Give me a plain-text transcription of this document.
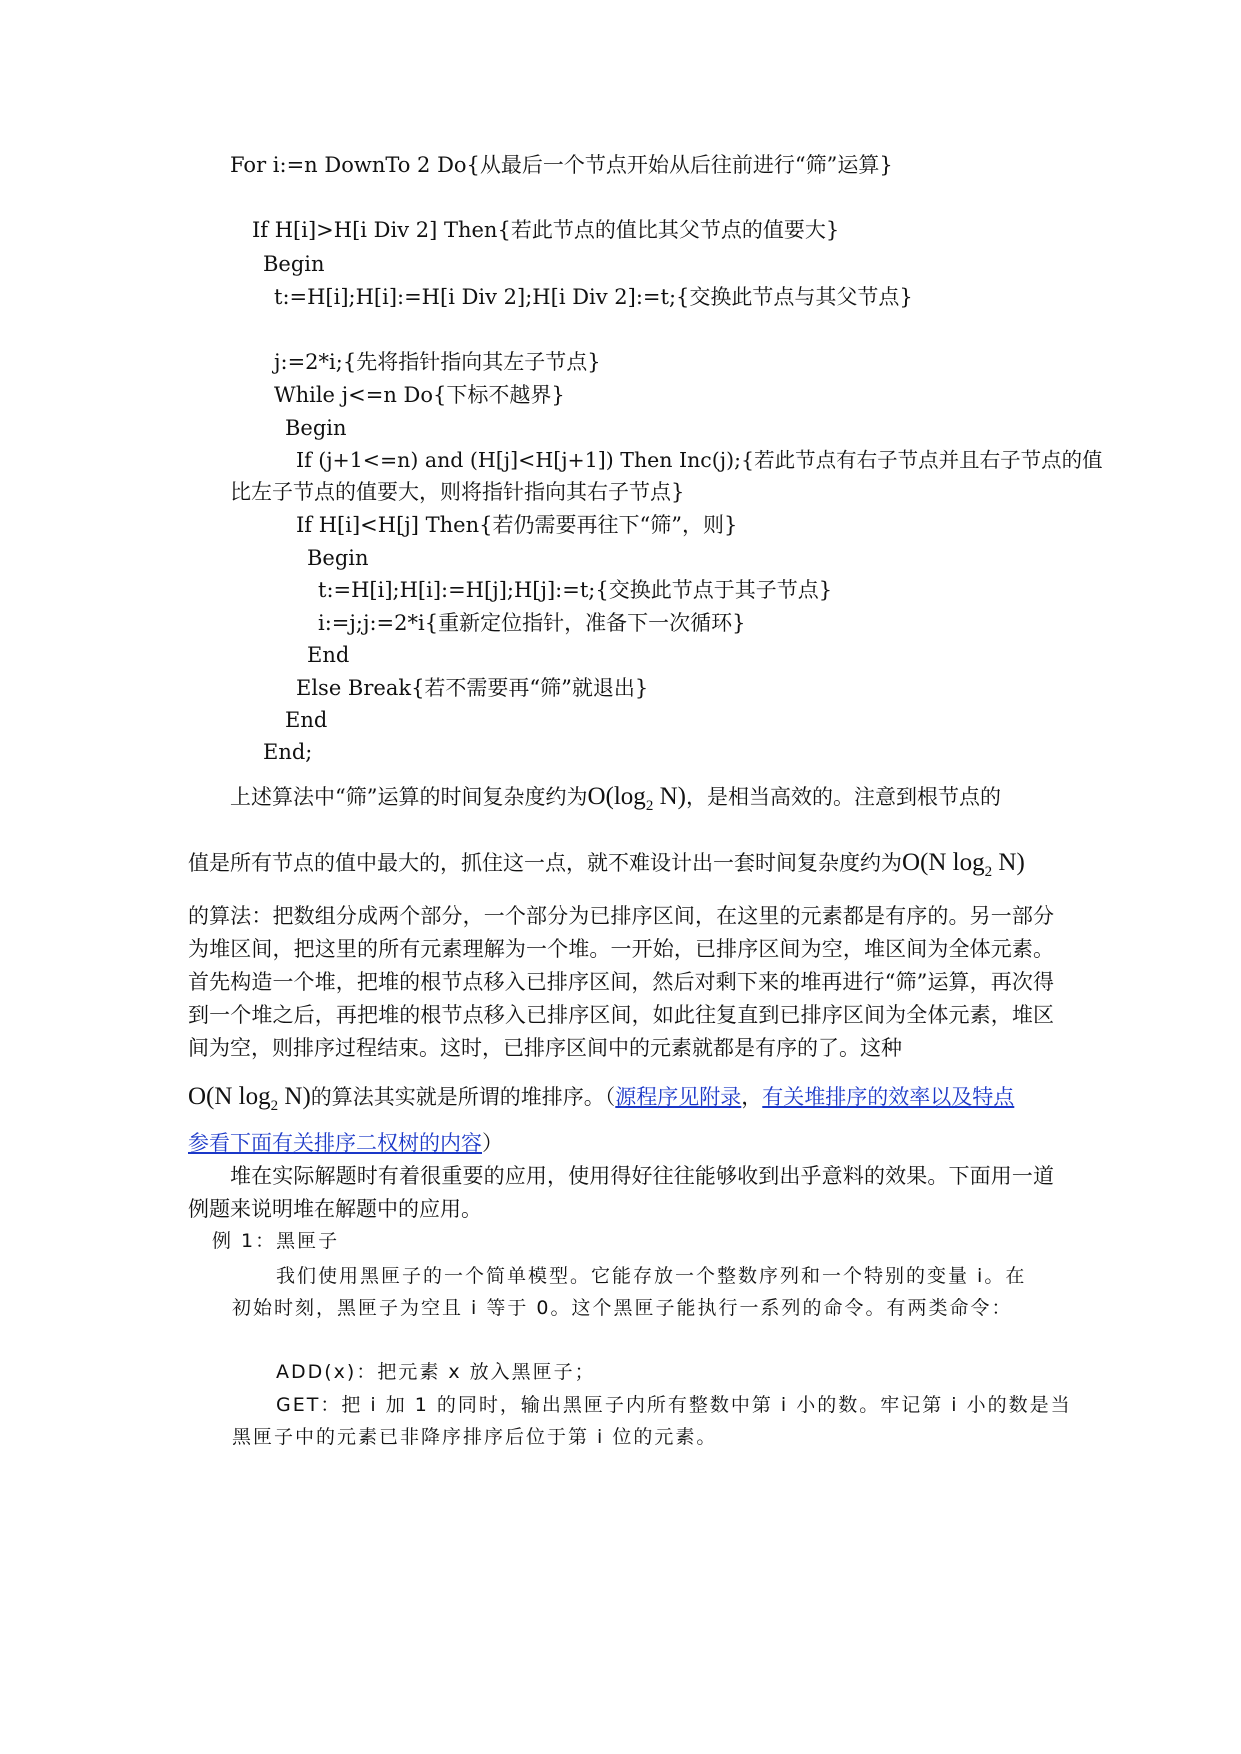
For i:=n DownTo 2 Do{从最后一个节点开始从后往前进行“筛”运算}
If H[i]>H[i Div 2] Then{若此节点的值比其父节点的值要大}
Begin
t:=H[i];H[i]:=H[i Div 2];H[i Div 2]:=t;{交换此节点与其父节点}
j:=2*i;{先将指针指向其左子节点}
While j<=n Do{下标不越界}
Begin
If (j+1<=n) and (H[j]<H[j+1]) Then Inc(j);{若此节点有右子节点并且右子节点的值
比左子节点的值要大，则将指针指向其右子节点}
If H[i]<H[j] Then{若仍需要再往下“筛”，则}
Begin
t:=H[i];H[i]:=H[j];H[j]:=t;{交换此节点于其子节点}
i:=j;j:=2*i{重新定位指针，准备下一次循环}
End
Else Break{若不需要再“筛”就退出}
End
End;
上述算法中“筛”运算的时间复杂度约为$O(\log_2$ N)，是相当高效的。注意到根节点的
值是所有节点的值中最大的，抓住这一点，就不难设计出一套时间复杂度约为O(N $\log_2 N$)
的算法：把数组分成两个部分，一个部分为已排序区间，在这里的元素都是有序的。另一部分为堆区间，把这里的所有元素理解为一个堆。一开始，已排序区间为空，堆区间为全体元素。首先构造一个堆，把堆的根节点移入已排序区间，然后对剩下来的堆再进行“筛”运算，再次得到一个堆之后，再把堆的根节点移入已排序区间，如此往复直到已排序区间为全体元素，堆区间为空，则排序过程结束。这时，已排序区间中的元素就都是有序的了。这种
O(N $\log_2 N$)的算法其实就是所谓的堆排序。（源程序见附录，有关堆排序的效率以及特点
参看下面有关排序二权树的内容）
堆在实际解题时有着很重要的应用，使用得好往往能够收到出乎意料的效果。下面用一道例题来说明堆在解题中的应用。
例 1：黑匣子
我们使用黑匣子的一个简单模型。它能存放一个整数序列和一个特别的变量 i。在
初始时刻，黑匣子为空且 i 等于 0。这个黑匣子能执行一系列的命令。有两类命令：
ADD(x)：把元素 x 放入黑匣子；
GET：把 i 加 1 的同时，输出黑匣子内所有整数中第 i 小的数。牢记第 i 小的数是当
黑匣子中的元素已非降序排序后位于第 i 位的元素。
